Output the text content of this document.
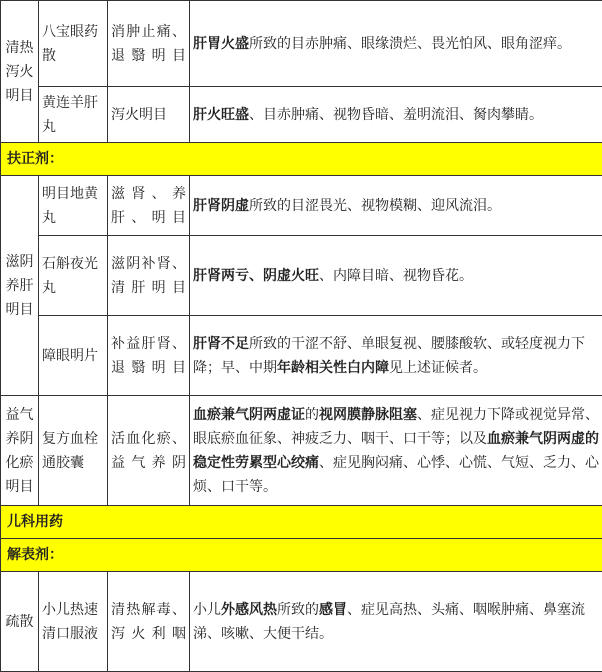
清热泻火明目	八宝眼药散	消肿止痛、退翳明目	肝胃火盛所致的目赤肿痛、眼缘溃烂、畏光怕风、眼角涩痒。
	黄连羊肝丸	泻火明目	肝火旺盛、目赤肿痛、视物昏暗、羞明流泪、胬肉攀睛。
扶正剂：			
滋阴养肝明目	明目地黄丸	滋肾、养肝、明目	肝肾阴虚所致的目涩畏光、视物模糊、迎风流泪。
	石斛夜光丸	滋阴补肾、清肝明目	肝肾两亏、阴虚火旺、内障目暗、视物昏花。
	障眼明片	补益肝肾、退翳明目	肝肾不足所致的干涩不舒、单眼复视、腰膝酸软、或轻度视力下降；早、中期年龄相关性白内障见上述证候者。
益气养阴化瘀明目	复方血栓通胶囊	活血化瘀、益气养阴	血瘀兼气阴两虚证的视网膜静脉阻塞、症见视力下降或视觉异常、眼底瘀血征象、神疲乏力、咽干、口干等；以及血瘀兼气阴两虚的稳定性劳累型心绞痛、症见胸闷痛、心悸、心慌、气短、乏力、心烦、口干等。
儿科用药			
解表剂：			
疏散	小儿热速清口服液	清热解毒、泻火利咽	小儿外感风热所致的感冒、症见高热、头痛、咽喉肿痛、鼻塞流涕、咳嗽、大便干结。
